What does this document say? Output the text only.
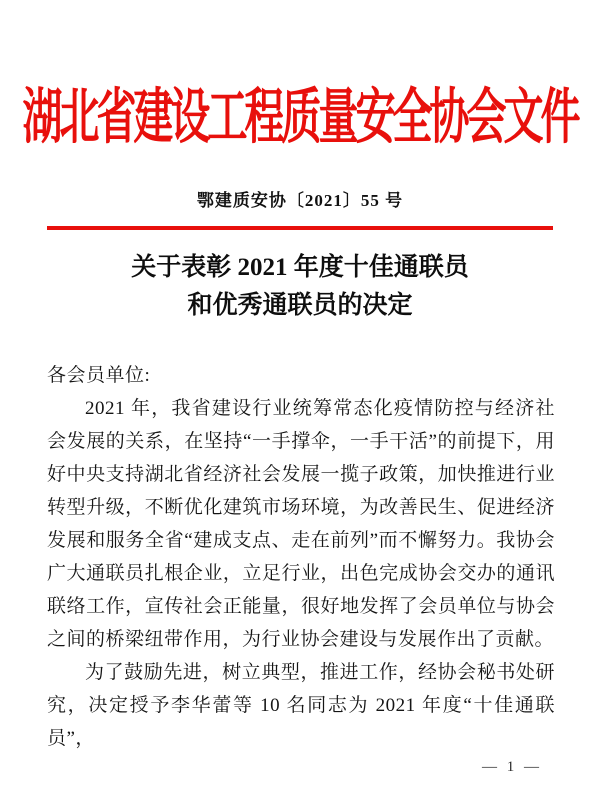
湖北省建设工程质量安全协会文件
鄂建质安协〔2021〕55 号
关于表彰 2021 年度十佳通联员
和优秀通联员的决定

各会员单位:

2021 年，我省建设行业统筹常态化疫情防控与经济社会发展的关系，在坚持“一手撑伞，一手干活”的前提下，用好中央支持湖北省经济社会发展一揽子政策，加快推进行业转型升级，不断优化建筑市场环境，为改善民生、促进经济发展和服务全省“建成支点、走在前列”而不懈努力。我协会广大通联员扎根企业，立足行业，出色完成协会交办的通讯联络工作，宣传社会正能量，很好地发挥了会员单位与协会之间的桥梁纽带作用，为行业协会建设与发展作出了贡献。

为了鼓励先进，树立典型，推进工作，经协会秘书处研究，决定授予李华蕾等 10 名同志为 2021 年度“十佳通联员”，

— 1 —
